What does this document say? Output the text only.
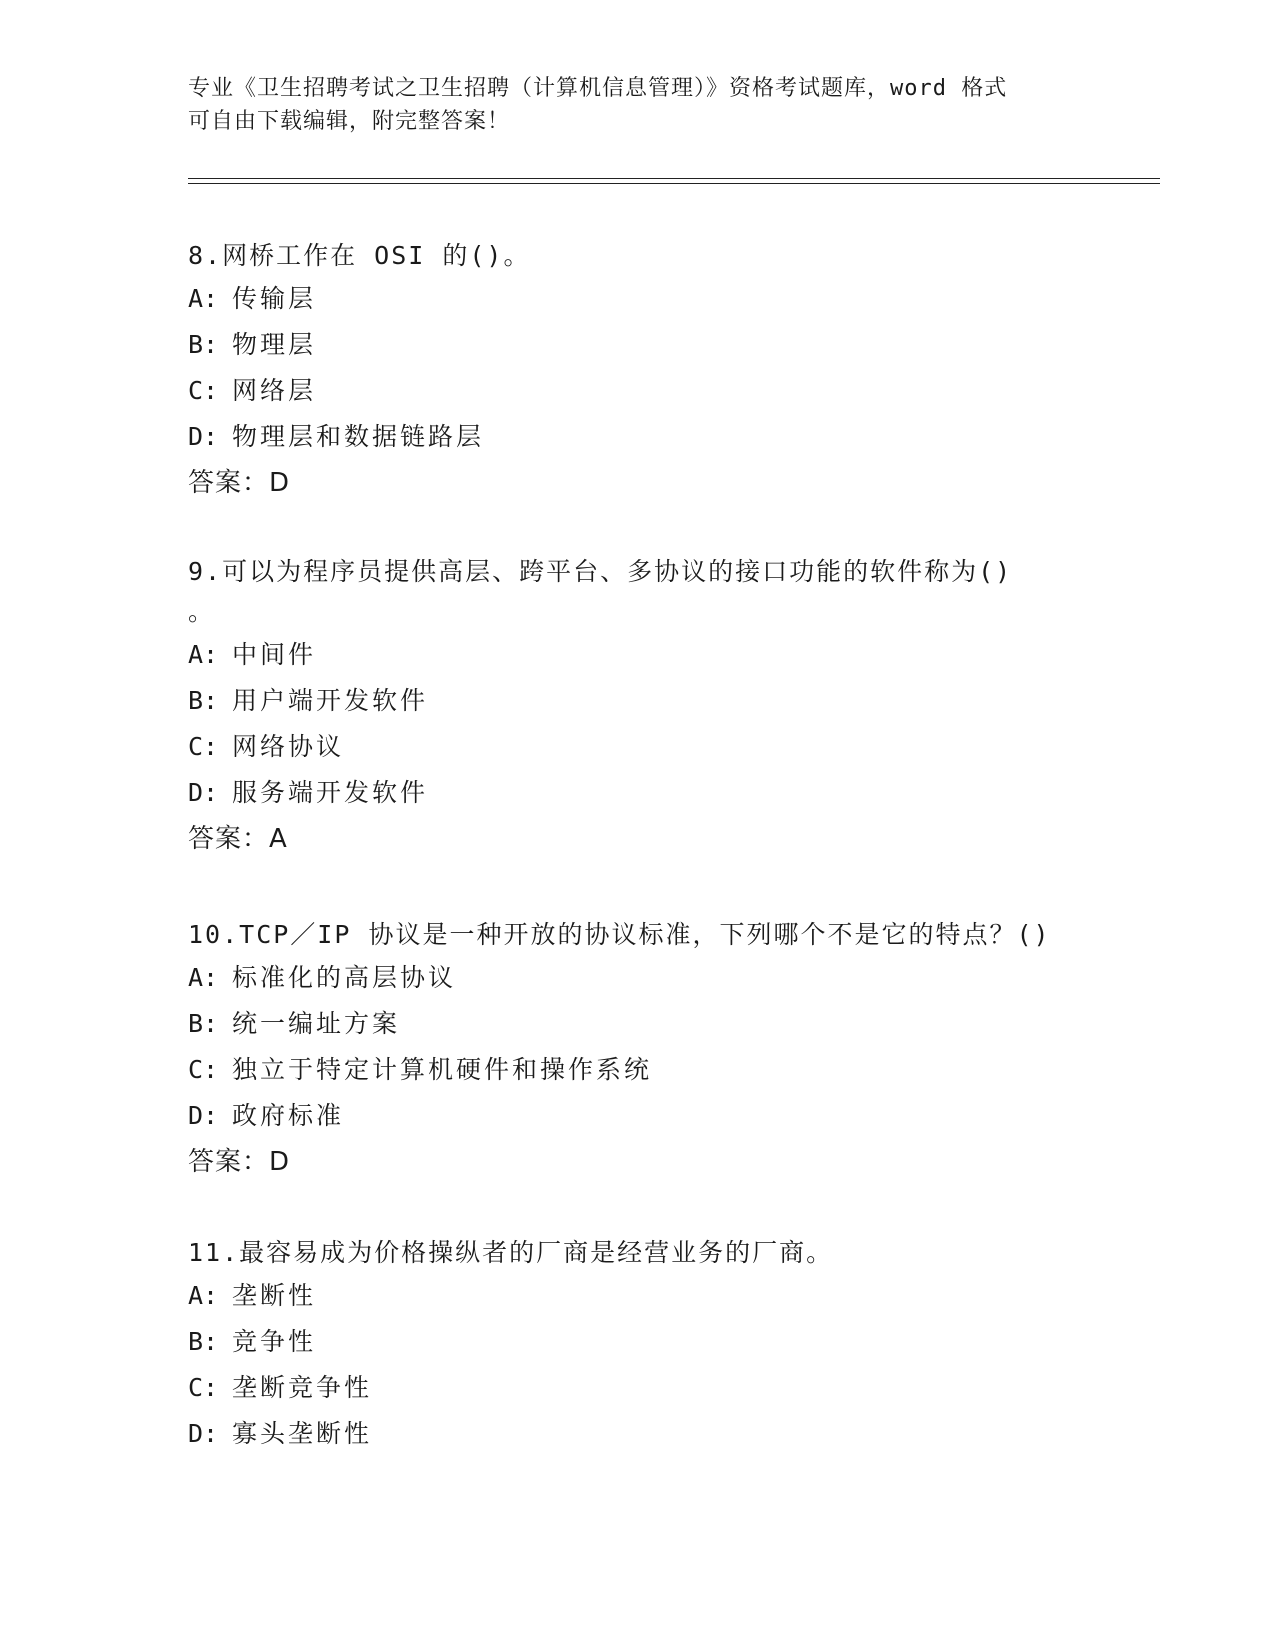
专业《卫生招聘考试之卫生招聘（计算机信息管理）》资格考试题库，word 格式
可自由下载编辑，附完整答案！

8.网桥工作在 OSI 的()。

A: 传输层
B: 物理层
C: 网络层
D: 物理层和数据链路层

答案：D

9.可以为程序员提供高层、跨平台、多协议的接口功能的软件称为()

。

A: 中间件
B: 用户端开发软件
C: 网络协议
D: 服务端开发软件

答案：A

10.TCP／IP 协议是一种开放的协议标准，下列哪个不是它的特点？()

A: 标准化的高层协议
B: 统一编址方案
C: 独立于特定计算机硬件和操作系统
D: 政府标准

答案：D

11.最容易成为价格操纵者的厂商是经营业务的厂商。

A: 垄断性
B: 竞争性
C: 垄断竞争性
D: 寡头垄断性
